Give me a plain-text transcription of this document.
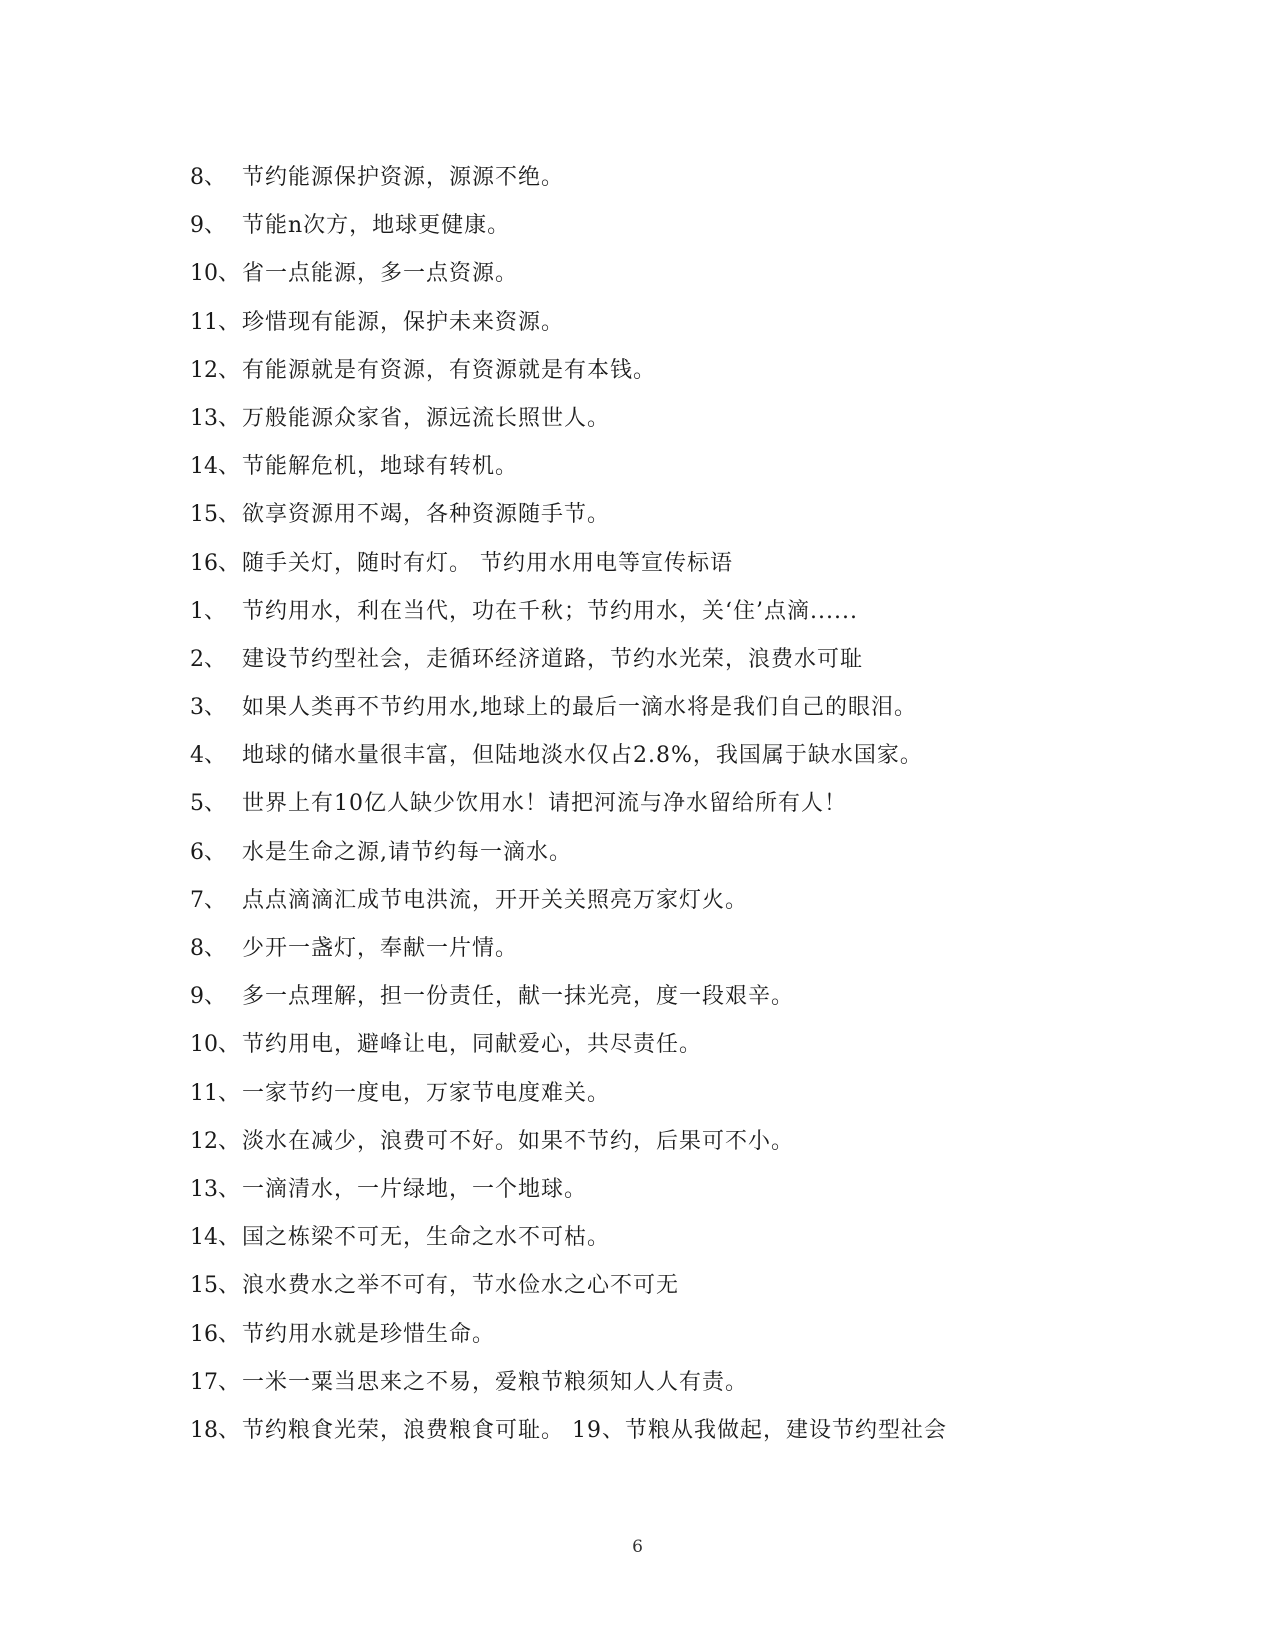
8、 节约能源保护资源，源源不绝。
9、 节能n次方，地球更健康。
10、 省一点能源，多一点资源。
11、 珍惜现有能源，保护未来资源。
12、 有能源就是有资源，有资源就是有本钱。
13、 万般能源众家省，源远流长照世人。
14、 节能解危机，地球有转机。
15、 欲享资源用不竭，各种资源随手节。
16、 随手关灯，随时有灯。 节约用水用电等宣传标语
1、 节约用水，利在当代，功在千秋；节约用水，关‘住’点滴......
2、 建设节约型社会，走循环经济道路，节约水光荣，浪费水可耻
3、 如果人类再不节约用水,地球上的最后一滴水将是我们自己的眼泪。
4、 地球的储水量很丰富，但陆地淡水仅占2.8%，我国属于缺水国家。
5、 世界上有10亿人缺少饮用水！请把河流与净水留给所有人！
6、 水是生命之源,请节约每一滴水。
7、 点点滴滴汇成节电洪流，开开关关照亮万家灯火。
8、 少开一盏灯，奉献一片情。
9、 多一点理解，担一份责任，献一抹光亮，度一段艰辛。
10、 节约用电，避峰让电，同献爱心，共尽责任。
11、 一家节约一度电，万家节电度难关。
12、 淡水在减少，浪费可不好。如果不节约，后果可不小。
13、 一滴清水，一片绿地，一个地球。
14、 国之栋梁不可无，生命之水不可枯。
15、 浪水费水之举不可有，节水俭水之心不可无
16、 节约用水就是珍惜生命。
17、 一米一粟当思来之不易，爱粮节粮须知人人有责。
18、 节约粮食光荣，浪费粮食可耻。 19、节粮从我做起，建设节约型社会
6
